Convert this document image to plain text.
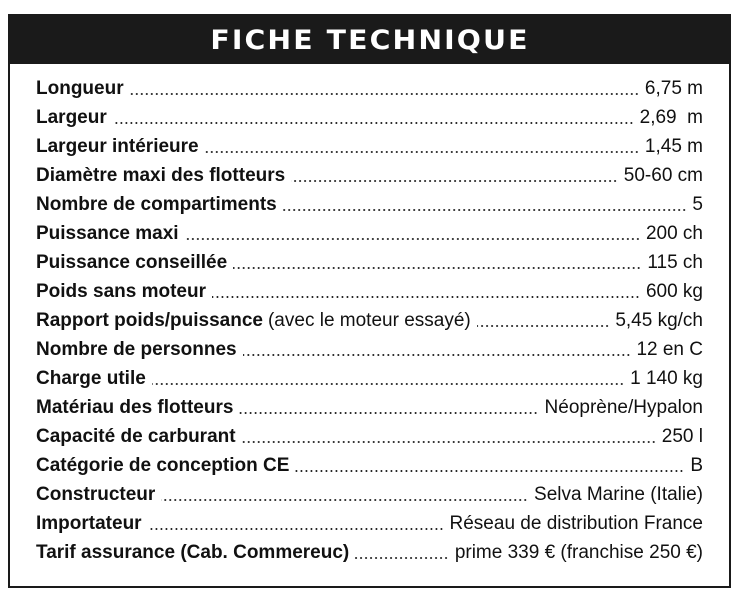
FICHE TECHNIQUE
Longueur	6,75 m
Largeur	2,69  m
Largeur intérieure	1,45 m
Diamètre maxi des flotteurs	50-60 cm
Nombre de compartiments	5
Puissance maxi	200 ch
Puissance conseillée	115 ch
Poids sans moteur	600 kg
Rapport poids/puissance (avec le moteur essayé)	5,45 kg/ch
Nombre de personnes	12 en C
Charge utile	1 140 kg
Matériau des flotteurs	Néoprène/Hypalon
Capacité de carburant	250 l
Catégorie de conception CE	B
Constructeur	Selva Marine (Italie)
Importateur	Réseau de distribution France
Tarif assurance (Cab. Commereuc)	prime 339 € (franchise 250 €)
